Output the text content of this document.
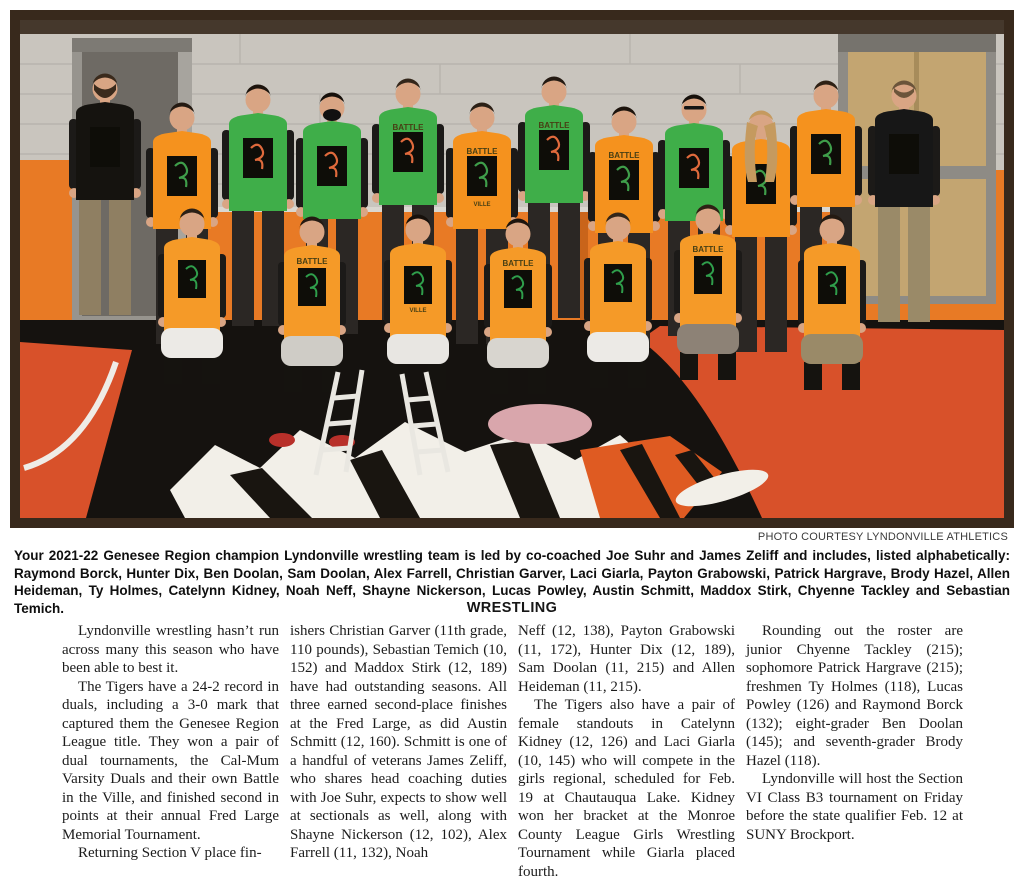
BATTLE	BATTLE
BATTLE	BATTLE
BATTLE	BATTLE
BATTLE
VILLE
VILLE
PHOTO COURTESY LYNDONVILLE ATHLETICS
Your 2021-22 Genesee Region champion Lyndonville wrestling team is led by co-coached Joe Suhr and James Zeliff and includes, listed alphabetically: Raymond Borck, Hunter Dix, Ben Doolan, Sam Doolan, Alex Farrell, Christian Garver, Laci Giarla, Payton Grabowski, Patrick Hargrave, Brody Hazel, Allen Heideman, Ty Holmes, Catelynn Kidney, Noah Neff, Shayne Nickerson, Lucas Powley, Austin Schmitt, Maddox Stirk, Chyenne Tackley and Sebastian Temich.	WRESTLING

Lyndonville wrestling hasn’t run across many this season who have been able to best it.

The Tigers have a 24-2 record in duals, including a 3-0 mark that captured them the Genesee Region League title. They won a pair of dual tournaments, the Cal-Mum Varsity Duals and their own Battle in the Ville, and finished second in points at their annual Fred Large Memorial Tournament.

Returning Section V place fin-

ishers Christian Garver (11th grade, 110 pounds), Sebastian Temich (10, 152) and Maddox Stirk (12, 189) have had outstanding seasons. All three earned second-place finishes at the Fred Large, as did Austin Schmitt (12, 160). Schmitt is one of a handful of veterans James Zeliff, who shares head coaching duties with Joe Suhr, expects to show well at sectionals as well, along with Shayne Nickerson (12, 102), Alex Farrell (11, 132), Noah

Neff (12, 138), Payton Grabowski (11, 172), Hunter Dix (12, 189), Sam Doolan (11, 215) and Allen Heideman (11, 215).

The Tigers also have a pair of female standouts in Catelynn Kidney (12, 126) and Laci Giarla (10, 145) who will compete in the girls regional, scheduled for Feb. 19 at Chautauqua Lake. Kidney won her bracket at the Monroe County League Girls Wrestling Tournament while Giarla placed fourth.

Rounding out the roster are junior Chyenne Tackley (215); sophomore Patrick Hargrave (215); freshmen Ty Holmes (118), Lucas Powley (126) and Raymond Borck (132); eight-grader Ben Doolan (145); and seventh-grader Brody Hazel (118).

Lyndonville will host the Section VI Class B3 tournament on Friday before the state qualifier Feb. 12 at SUNY Brockport.
